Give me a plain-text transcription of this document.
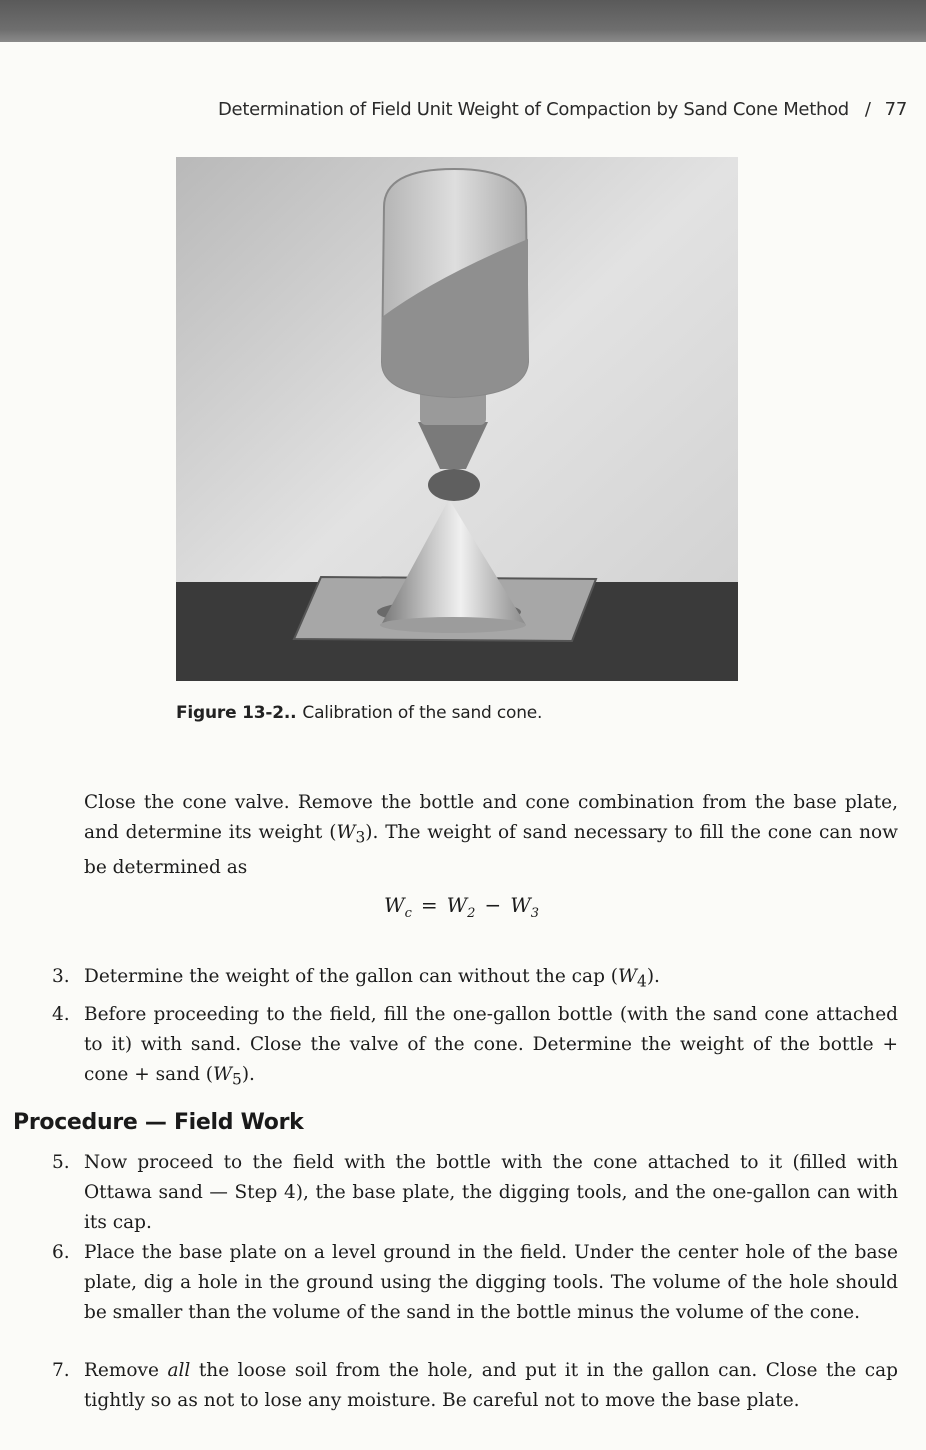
Determination of Field Unit Weight of Compaction by Sand Cone Method / 77
Figure 13-2.. Calibration of the sand cone.
Close the cone valve. Remove the bottle and cone combination from the base plate, and determine its weight $(W_3)$. The weight of sand necessary to fill the cone can now be determined as
$W_c = W_2 - W_3$
3. Determine the weight of the gallon can without the cap $(W_4)$.
4. Before proceeding to the field, fill the one-gallon bottle (with the sand cone attached to it) with sand. Close the valve of the cone. Determine the weight of the bottle + cone + sand $(W_5)$.
Procedure — Field Work
5. Now proceed to the field with the bottle with the cone attached to it (filled with Ottawa sand — Step 4), the base plate, the digging tools, and the one-gallon can with its cap.
6. Place the base plate on a level ground in the field. Under the center hole of the base plate, dig a hole in the ground using the digging tools. The volume of the hole should be smaller than the volume of the sand in the bottle minus the volume of the cone.
7. Remove all the loose soil from the hole, and put it in the gallon can. Close the cap tightly so as not to lose any moisture. Be careful not to move the base plate.
